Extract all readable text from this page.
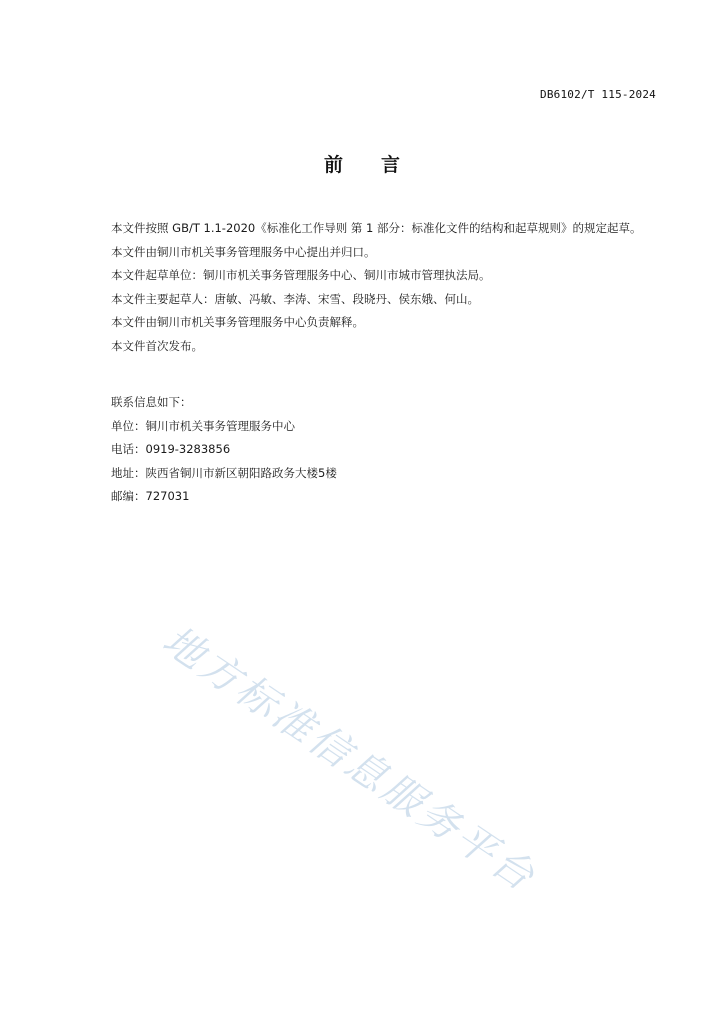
DB6102/T 115-2024
前 言

本文件按照 GB/T 1.1-2020《标准化工作导则 第 1 部分：标准化文件的结构和起草规则》的规定起草。

本文件由铜川市机关事务管理服务中心提出并归口。

本文件起草单位：铜川市机关事务管理服务中心、铜川市城市管理执法局。

本文件主要起草人：唐敏、冯敏、李涛、宋雪、段晓丹、侯东娥、何山。

本文件由铜川市机关事务管理服务中心负责解释。

本文件首次发布。

联系信息如下：
单位：铜川市机关事务管理服务中心
电话：0919-3283856
地址：陕西省铜川市新区朝阳路政务大楼5楼
邮编：727031
地方标准信息服务平台
